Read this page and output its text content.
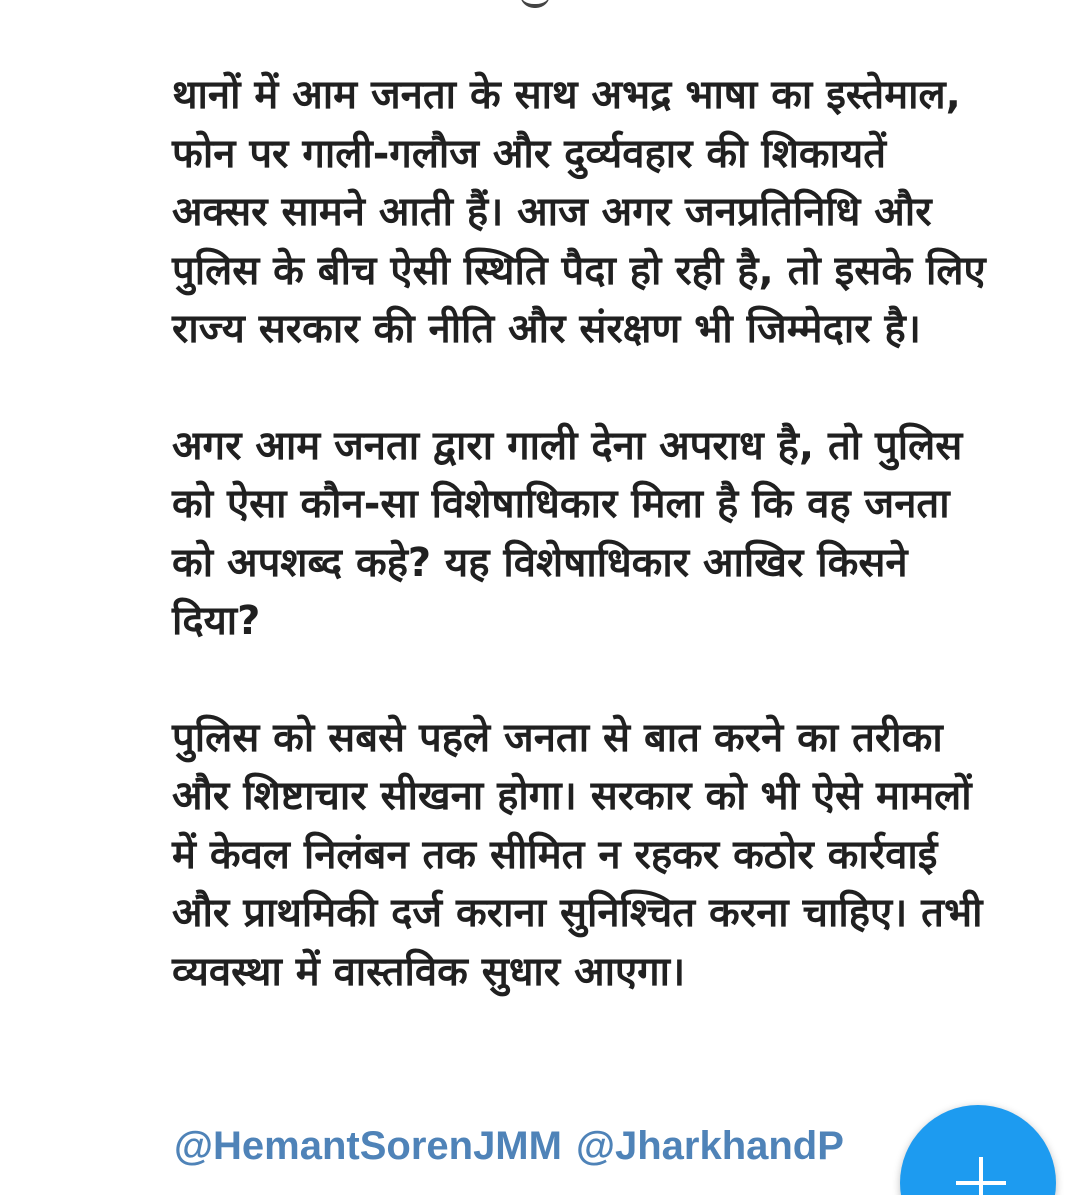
थानों में आम जनता के साथ अभद्र भाषा का इस्तेमाल,
फोन पर गाली-गलौज और दुर्व्यवहार की शिकायतें
अक्सर सामने आती हैं। आज अगर जनप्रतिनिधि और
पुलिस के बीच ऐसी स्थिति पैदा हो रही है, तो इसके लिए
राज्य सरकार की नीति और संरक्षण भी जिम्मेदार है।

अगर आम जनता द्वारा गाली देना अपराध है, तो पुलिस
को ऐसा कौन-सा विशेषाधिकार मिला है कि वह जनता
को अपशब्द कहे? यह विशेषाधिकार आखिर किसने
दिया?

पुलिस को सबसे पहले जनता से बात करने का तरीका
और शिष्टाचार सीखना होगा। सरकार को भी ऐसे मामलों
में केवल निलंबन तक सीमित न रहकर कठोर कार्रवाई
और प्राथमिकी दर्ज कराना सुनिश्चित करना चाहिए। तभी
व्यवस्था में वास्तविक सुधार आएगा।

@HemantSorenJMM @JharkhandP
